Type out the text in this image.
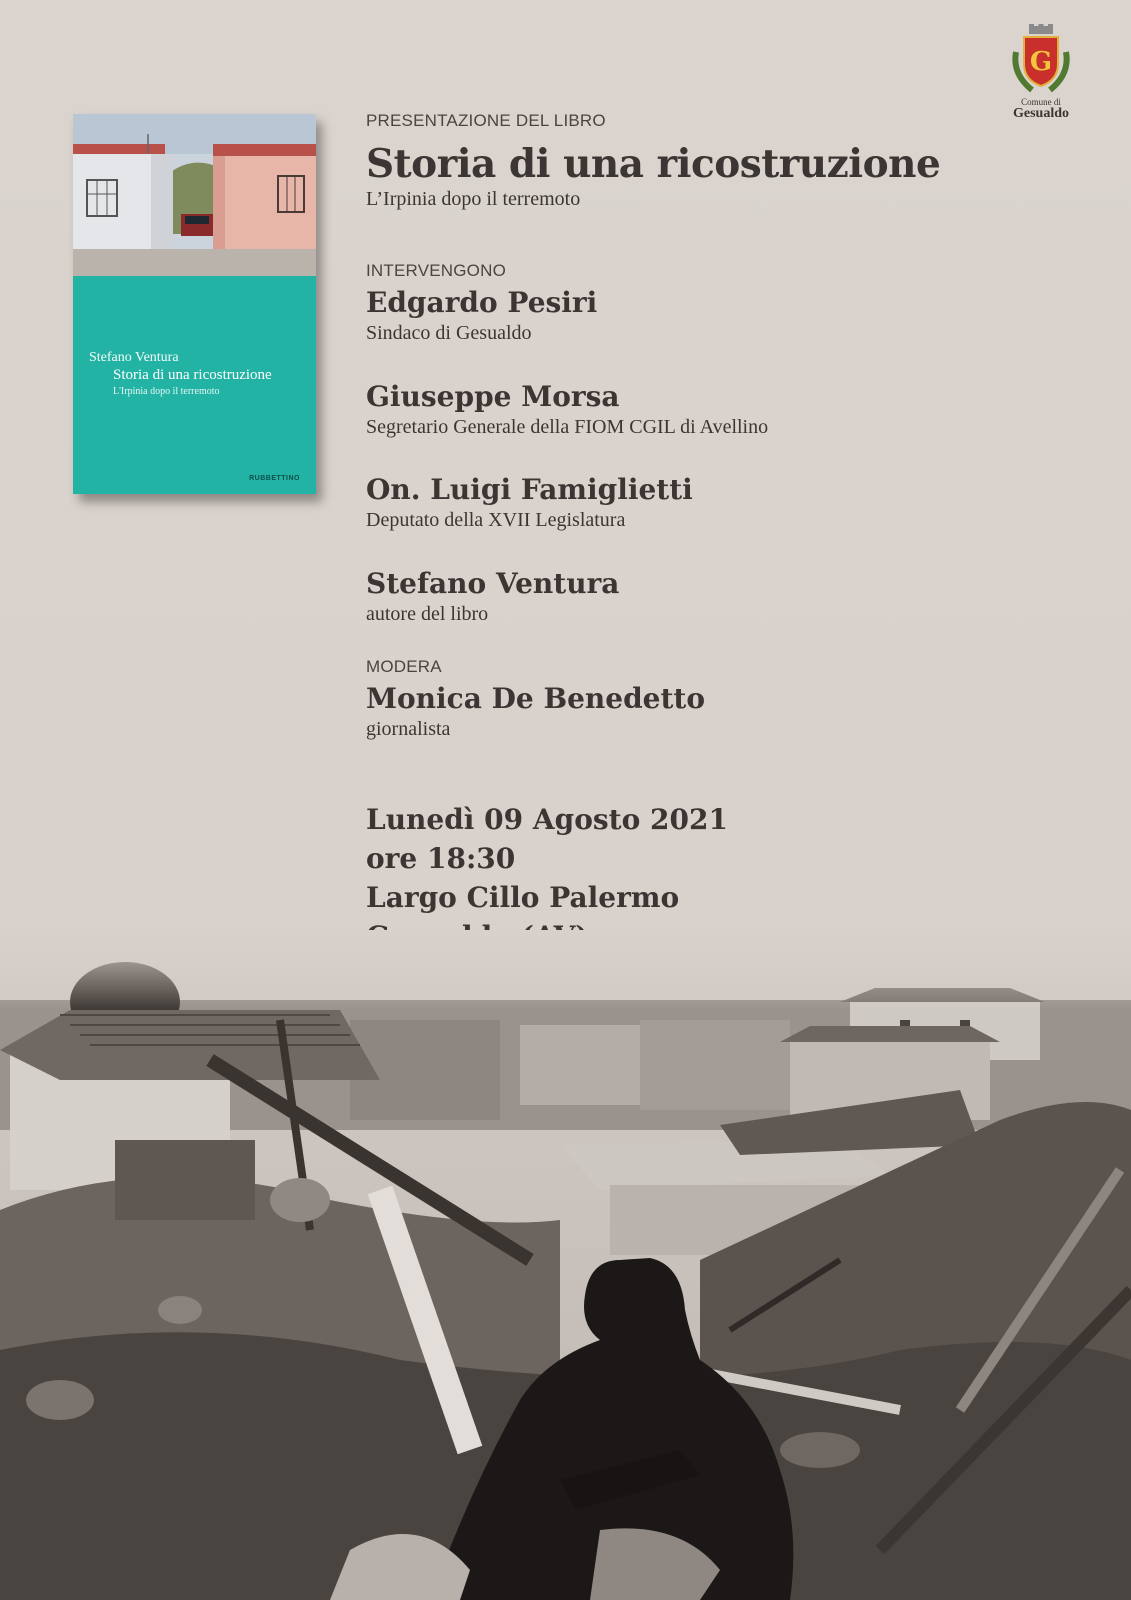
Stefano Ventura
Storia di una ricostruzione
L'Irpinia dopo il terremoto
RUBBETTINO
G
Comune di
Gesualdo
PRESENTAZIONE DEL LIBRO
Storia di una ricostruzione
L’Irpinia dopo il terremoto
INTERVENGONO
Edgardo Pesiri
Sindaco di Gesualdo
Giuseppe Morsa
Segretario Generale della FIOM CGIL di Avellino
On. Luigi Famiglietti
Deputato della XVII Legislatura
Stefano Ventura
autore del libro
MODERA
Monica De Benedetto
giornalista
Lunedì 09 Agosto 2021
ore 18:30
Largo Cillo Palermo
